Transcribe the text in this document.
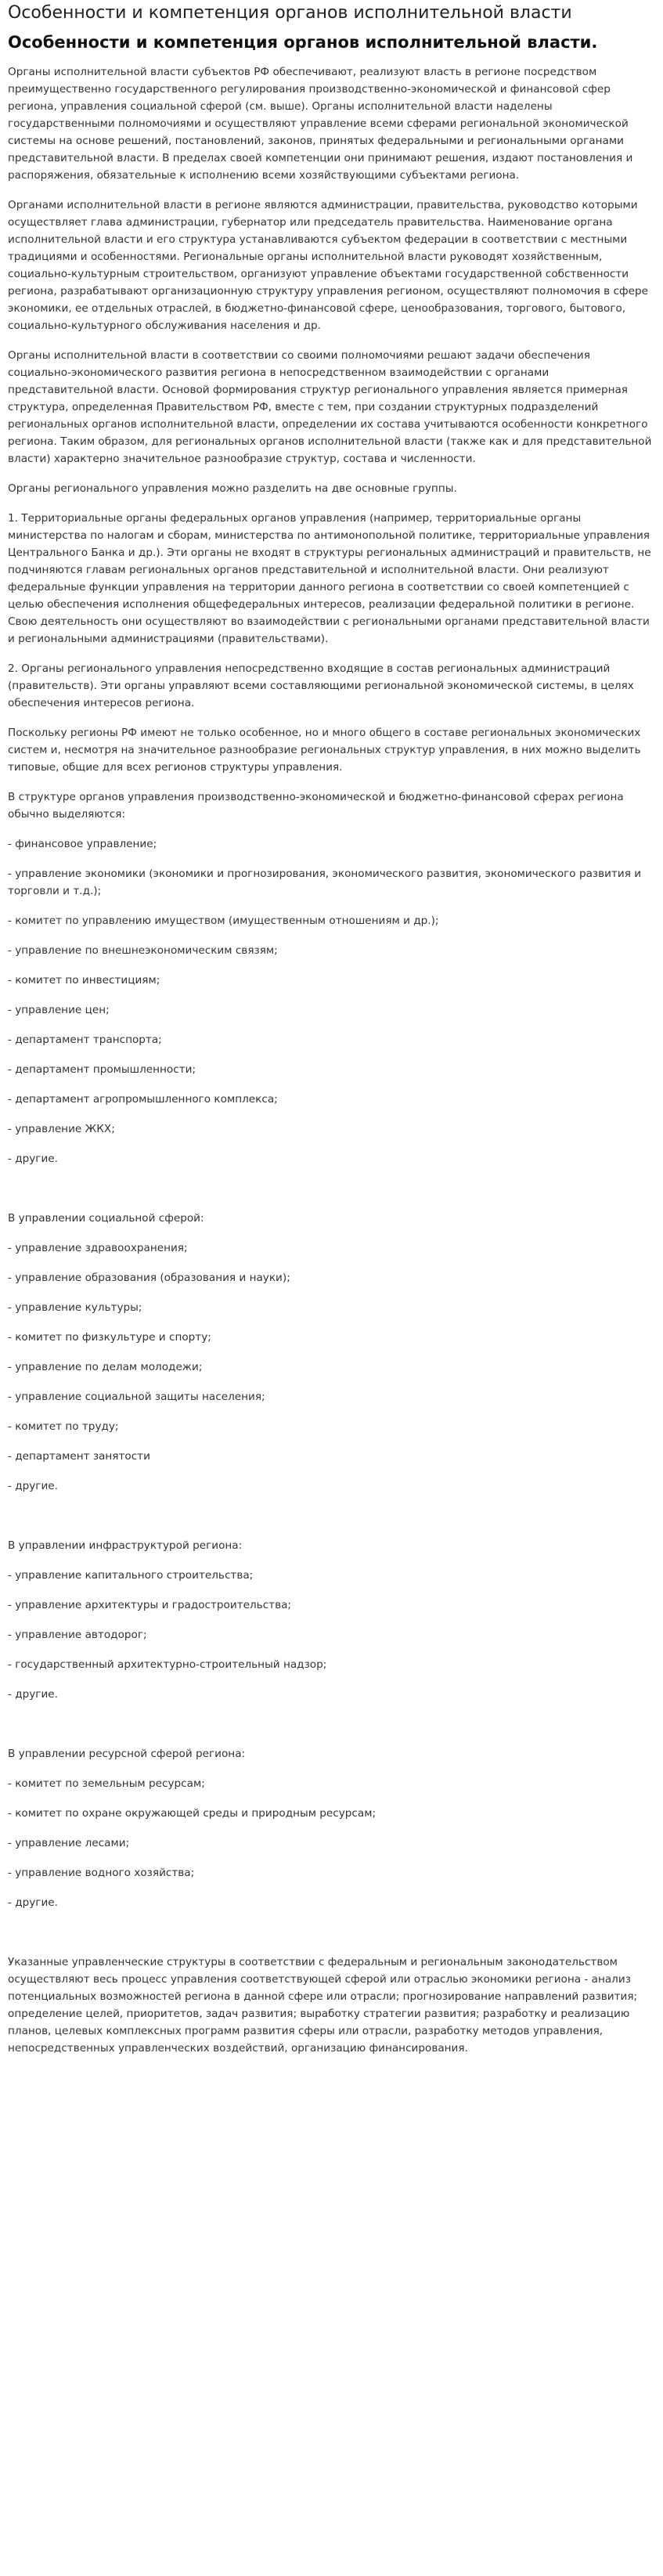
Особенности и компетенция органов исполнительной власти
Особенности и компетенция органов исполнительной власти.

Органы исполнительной власти субъектов РФ обеспечивают, реализуют власть в регионе посредством преимущественно государственного регулирования производственно-экономической и финансовой сфер региона, управления социальной сферой (см. выше). Органы исполнительной власти наделены государственными полномочиями и осуществляют управление всеми сферами региональной экономической системы на основе решений, постановлений, законов, принятых федеральными и региональными органами представительной власти. В пределах своей компетенции они принимают решения, издают постановления и распоряжения, обязательные к исполнению всеми хозяйствующими субъектами региона.

Органами исполнительной власти в регионе являются администрации, правительства, руководство которыми осуществляет глава администрации, губернатор или председатель правительства. Наименование органа исполнительной власти и его структура устанавливаются субъектом федерации в соответствии с местными традициями и особенностями. Региональные органы исполнительной власти руководят хозяйственным, социально-культурным строительством, организуют управление объектами государственной собственности региона, разрабатывают организационную структуру управления регионом, осуществляют полномочия в сфере экономики, ее отдельных отраслей, в бюджетно-финансовой сфере, ценообразования, торгового, бытового, социально-культурного обслуживания населения и др.

Органы исполнительной власти в соответствии со своими полномочиями решают задачи обеспечения социально-экономического развития региона в непосредственном взаимодействии с органами представительной власти. Основой формирования структур регионального управления является примерная структура, определенная Правительством РФ, вместе с тем, при создании структурных подразделений региональных органов исполнительной власти, определении их состава учитываются особенности конкретного региона. Таким образом, для региональных органов исполнительной власти (также как и для представительной власти) характерно значительное разнообразие структур, состава и численности.

Органы регионального управления можно разделить на две основные группы.

1. Территориальные органы федеральных органов управления (например, территориальные органы министерства по налогам и сборам, министерства по антимонопольной политике, территориальные управления Центрального Банка и др.). Эти органы не входят в структуры региональных администраций и правительств, не подчиняются главам региональных органов представительной и исполнительной власти. Они реализуют федеральные функции управления на территории данного региона в соответствии со своей компетенцией с целью обеспечения исполнения общефедеральных интересов, реализации федеральной политики в регионе. Свою деятельность они осуществляют во взаимодействии с региональными органами представительной власти и региональными администрациями (правительствами).

2. Органы регионального управления непосредственно входящие в состав региональных администраций (правительств). Эти органы управляют всеми составляющими региональной экономической системы, в целях обеспечения интересов региона.

Поскольку регионы РФ имеют не только особенное, но и много общего в составе региональных экономических систем и, несмотря на значительное разнообразие региональных структур управления, в них можно выделить типовые, общие для всех регионов структуры управления.

В структуре органов управления производственно-экономической и бюджетно-финансовой сферах региона обычно выделяются:

- финансовое управление;

- управление экономики (экономики и прогнозирования, экономического развития, экономического развития и торговли и т.д.);

- комитет по управлению имуществом (имущественным отношениям и др.);

- управление по внешнеэкономическим связям;

- комитет по инвестициям;

- управление цен;

- департамент транспорта;

- департамент промышленности;

- департамент агропромышленного комплекса;

- управление ЖКХ;

- другие.

В управлении социальной сферой:

- управление здравоохранения;

- управление образования (образования и науки);

- управление культуры;

- комитет по физкультуре и спорту;

- управление по делам молодежи;

- управление социальной защиты населения;

- комитет по труду;

- департамент занятости

- другие.

В управлении инфраструктурой региона:

- управление капитального строительства;

- управление архитектуры и градостроительства;

- управление автодорог;

- государственный архитектурно-строительный надзор;

- другие.

В управлении ресурсной сферой региона:

- комитет по земельным ресурсам;

- комитет по охране окружающей среды и природным ресурсам;

- управление лесами;

- управление водного хозяйства;

- другие.

Указанные управленческие структуры в соответствии с федеральным и региональным законодательством осуществляют весь процесс управления соответствующей сферой или отраслью экономики региона - анализ потенциальных возможностей региона в данной сфере или отрасли; прогнозирование направлений развития; определение целей, приоритетов, задач развития; выработку стратегии развития; разработку и реализацию планов, целевых комплексных программ развития сферы или отрасли, разработку методов управления, непосредственных управленческих воздействий, организацию финансирования.
